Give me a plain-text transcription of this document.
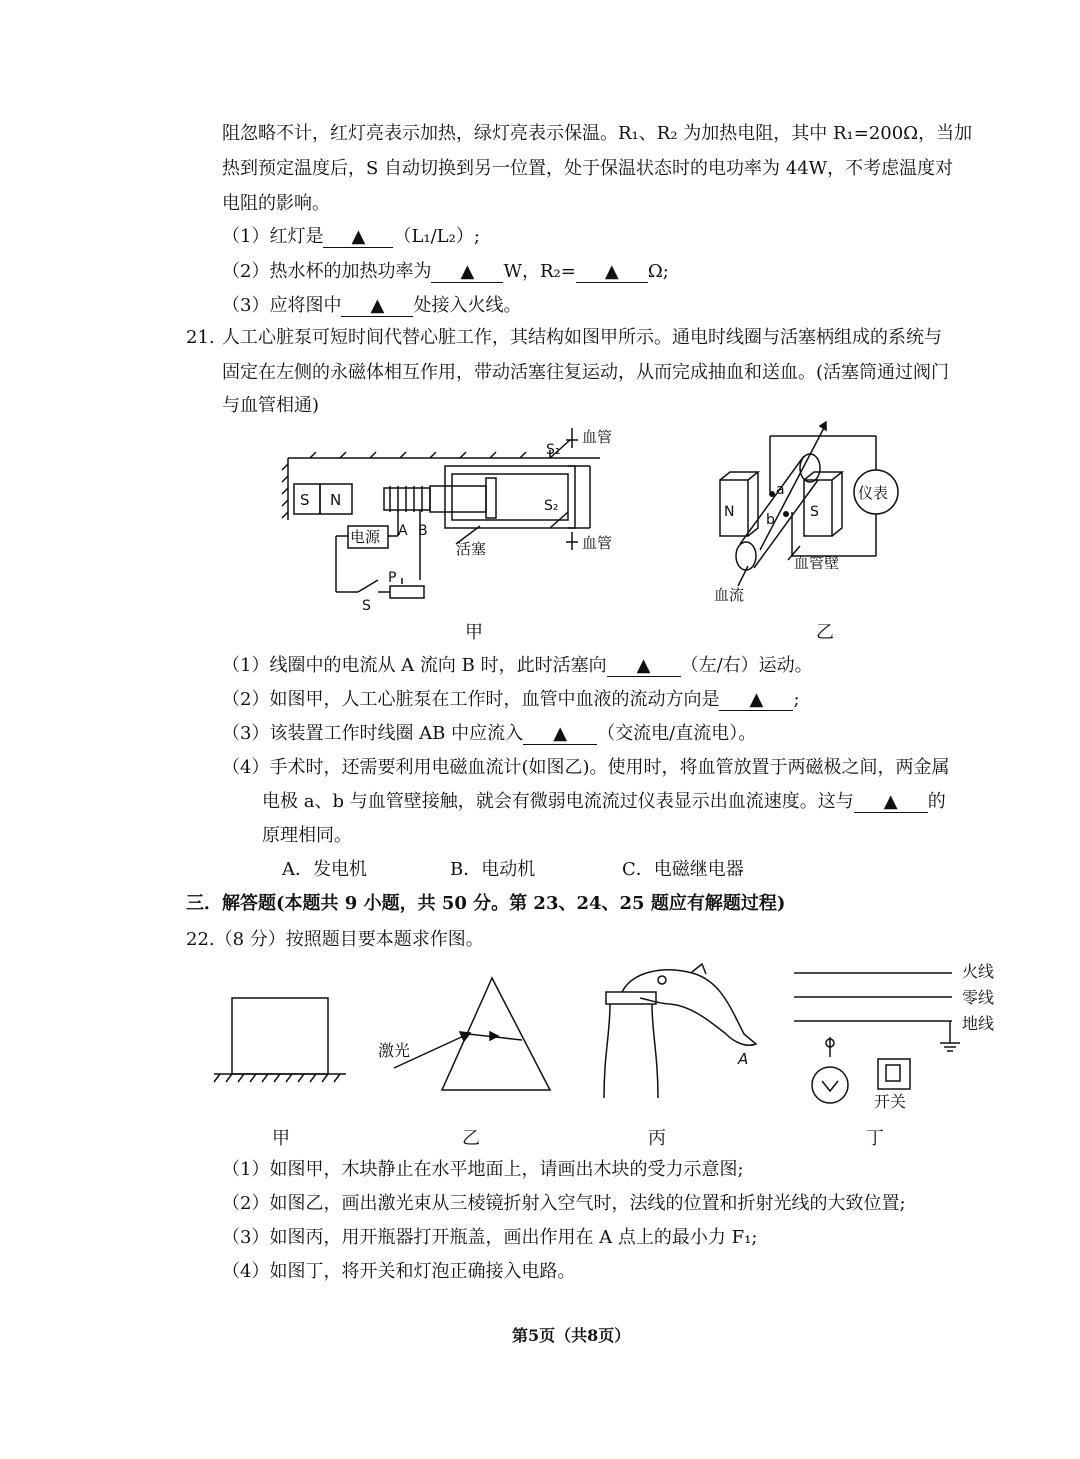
阻忽略不计，红灯亮表示加热，绿灯亮表示保温。R₁、R₂ 为加热电阻，其中 R₁=200Ω，当加
热到预定温度后，S 自动切换到另一位置，处于保温状态时的电功率为 44W，不考虑温度对
电阻的影响。
（1）红灯是 ▲ （L₁/L₂）;
（2）热水杯的加热功率为 ▲ W，R₂= ▲ Ω;
（3）应将图中 ▲ 处接入火线。
21. 人工心脏泵可短时间代替心脏工作，其结构如图甲所示。通电时线圈与活塞柄组成的系统与
固定在左侧的永磁体相互作用，带动活塞往复运动，从而完成抽血和送血。(活塞筒通过阀门
与血管相通)
S N
电源 A B
活塞
S₁
S₂
血管
血管
P
S
N	S
a
b
仪表
血管壁
血流
甲	乙
（1）线圈中的电流从 A 流向 B 时，此时活塞向 ▲ （左/右）运动。
（2）如图甲，人工心脏泵在工作时，血管中血液的流动方向是 ▲ ;
（3）该装置工作时线圈 AB 中应流入 ▲ （交流电/直流电）。
（4）手术时，还需要利用电磁血流计(如图乙)。使用时，将血管放置于两磁极之间，两金属
电极 a、b 与血管壁接触，就会有微弱电流流过仪表显示出血流速度。这与 ▲ 的
原理相同。
A．发电机	B．电动机	C．电磁继电器
三．解答题(本题共 9 小题，共 50 分。第 23、24、25 题应有解题过程)
22.（8 分）按照题目要本题求作图。
激光	A
火线
零线
地线
开关
甲	乙	丙	丁
（1）如图甲，木块静止在水平地面上，请画出木块的受力示意图;
（2）如图乙，画出激光束从三棱镜折射入空气时，法线的位置和折射光线的大致位置;
（3）如图丙，用开瓶器打开瓶盖，画出作用在 A 点上的最小力 F₁;
（4）如图丁，将开关和灯泡正确接入电路。
第5页（共8页）
